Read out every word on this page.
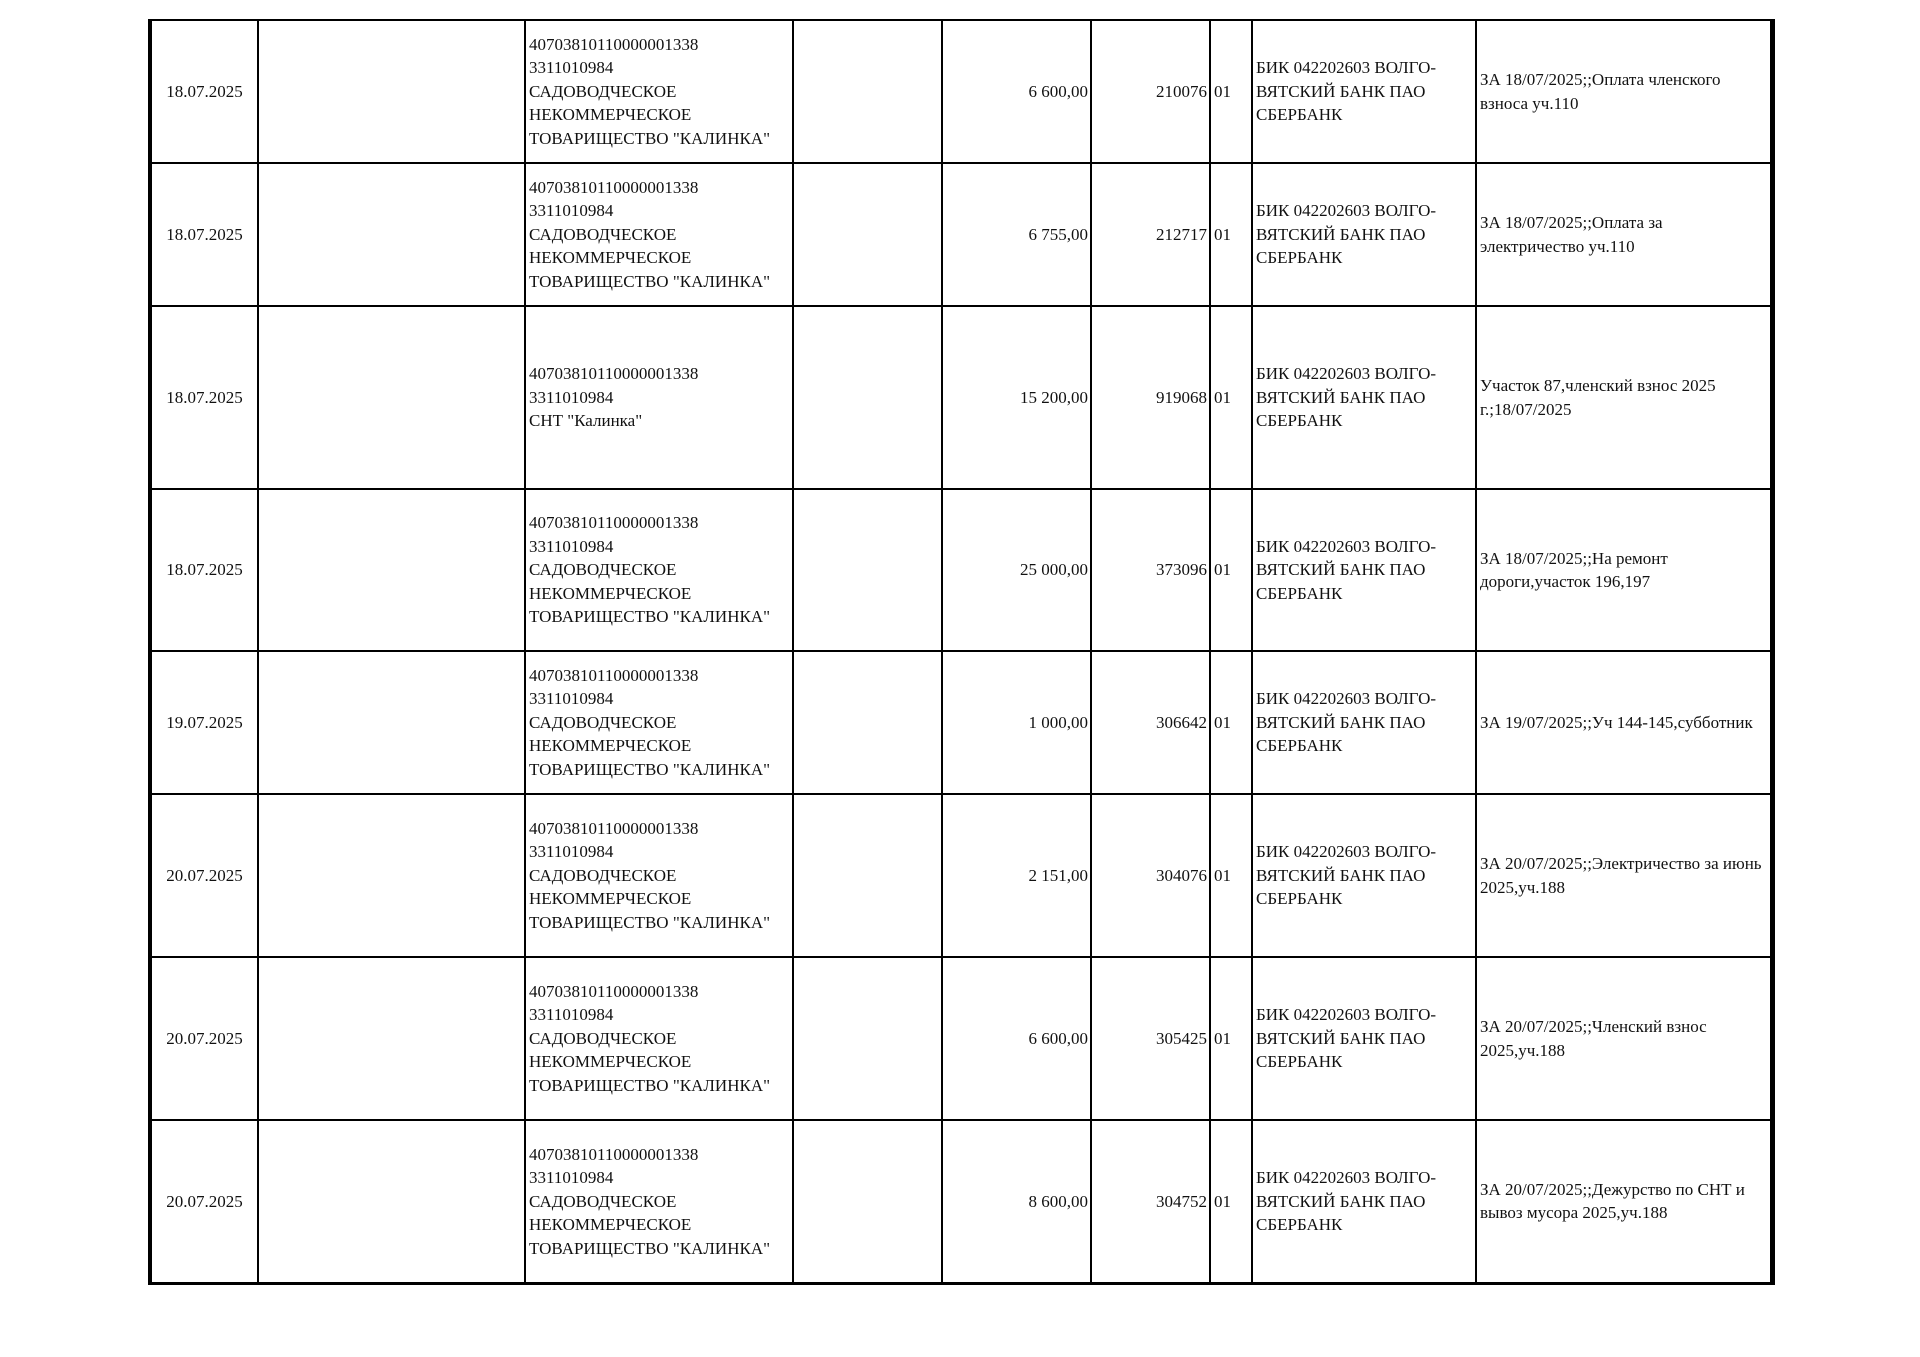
18.07.2025		40703810110000001338
3311010984
САДОВОДЧЕСКОЕ
НЕКОММЕРЧЕСКОЕ
ТОВАРИЩЕСТВО "КАЛИНКА"		6 600,00	210076	01	БИК 042202603 ВОЛГО-
ВЯТСКИЙ БАНК ПАО
СБЕРБАНК	ЗА 18/07/2025;;Оплата членского взноса уч.110

18.07.2025		40703810110000001338
3311010984
САДОВОДЧЕСКОЕ
НЕКОММЕРЧЕСКОЕ
ТОВАРИЩЕСТВО "КАЛИНКА"		6 755,00	212717	01	БИК 042202603 ВОЛГО-
ВЯТСКИЙ БАНК ПАО
СБЕРБАНК	ЗА 18/07/2025;;Оплата за электричество уч.110

18.07.2025		40703810110000001338
3311010984
СНТ "Калинка"		15 200,00	919068	01	БИК 042202603 ВОЛГО-
ВЯТСКИЙ БАНК ПАО
СБЕРБАНК	Участок 87,членский взнос 2025 г.;18/07/2025

18.07.2025		40703810110000001338
3311010984
САДОВОДЧЕСКОЕ
НЕКОММЕРЧЕСКОЕ
ТОВАРИЩЕСТВО "КАЛИНКА"		25 000,00	373096	01	БИК 042202603 ВОЛГО-
ВЯТСКИЙ БАНК ПАО
СБЕРБАНК	ЗА 18/07/2025;;На ремонт дороги,участок 196,197

19.07.2025		40703810110000001338
3311010984
САДОВОДЧЕСКОЕ
НЕКОММЕРЧЕСКОЕ
ТОВАРИЩЕСТВО "КАЛИНКА"		1 000,00	306642	01	БИК 042202603 ВОЛГО-
ВЯТСКИЙ БАНК ПАО
СБЕРБАНК	ЗА 19/07/2025;;Уч 144-145,субботник

20.07.2025		40703810110000001338
3311010984
САДОВОДЧЕСКОЕ
НЕКОММЕРЧЕСКОЕ
ТОВАРИЩЕСТВО "КАЛИНКА"		2 151,00	304076	01	БИК 042202603 ВОЛГО-
ВЯТСКИЙ БАНК ПАО
СБЕРБАНК	ЗА 20/07/2025;;Электричество за июнь 2025,уч.188

20.07.2025		40703810110000001338
3311010984
САДОВОДЧЕСКОЕ
НЕКОММЕРЧЕСКОЕ
ТОВАРИЩЕСТВО "КАЛИНКА"		6 600,00	305425	01	БИК 042202603 ВОЛГО-
ВЯТСКИЙ БАНК ПАО
СБЕРБАНК	ЗА 20/07/2025;;Членский взнос 2025,уч.188

20.07.2025		40703810110000001338
3311010984
САДОВОДЧЕСКОЕ
НЕКОММЕРЧЕСКОЕ
ТОВАРИЩЕСТВО "КАЛИНКА"		8 600,00	304752	01	БИК 042202603 ВОЛГО-
ВЯТСКИЙ БАНК ПАО
СБЕРБАНК	ЗА 20/07/2025;;Дежурство по СНТ и вывоз мусора 2025,уч.188
